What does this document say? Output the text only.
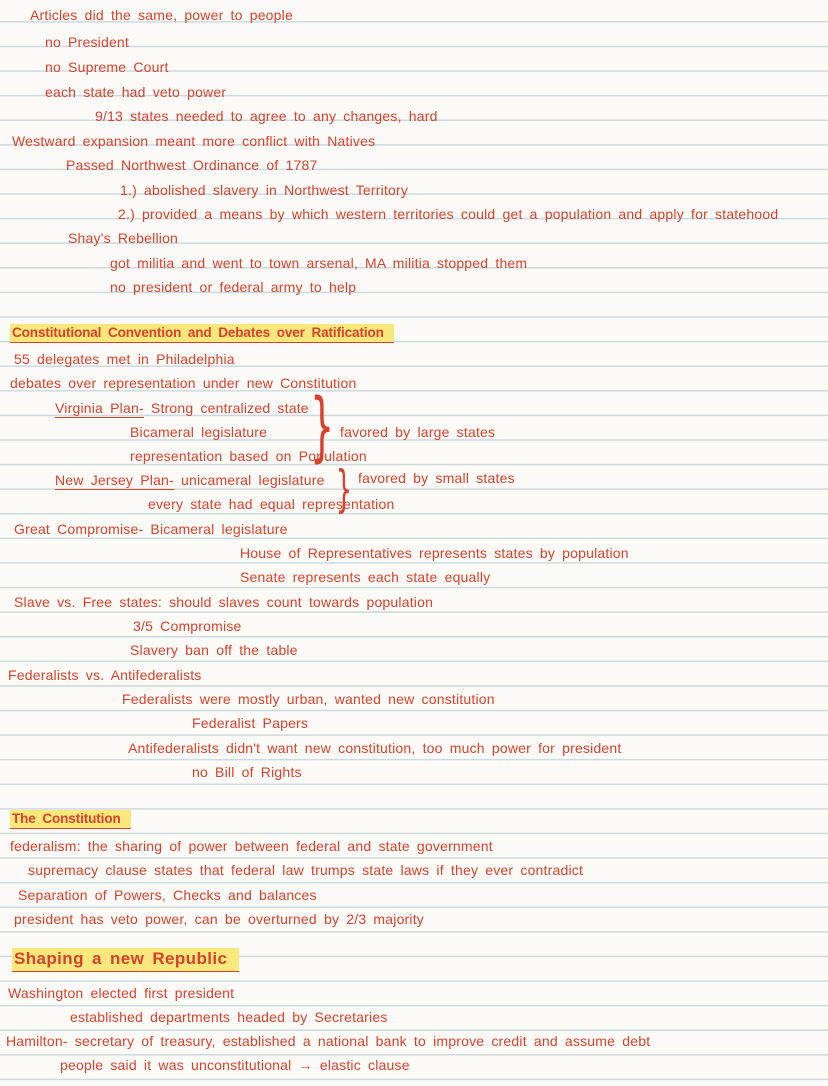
Articles did the same, power to people
no President
no Supreme Court
each state had veto power
9/13 states needed to agree to any changes, hard
Westward expansion meant more conflict with Natives
Passed Northwest Ordinance of 1787
1.) abolished slavery in Northwest Territory
2.) provided a means by which western territories could get a population and apply for statehood
Shay's Rebellion
got militia and went to town arsenal, MA militia stopped them
no president or federal army to help
Constitutional Convention and Debates over Ratification
55 delegates met in Philadelphia
debates over representation under new Constitution
Virginia Plan- Strong centralized state
Bicameral legislature
representation based on Population
New Jersey Plan- unicameral legislature
every state had equal representation
Great Compromise- Bicameral legislature
House of Representatives represents states by population
Senate represents each state equally
Slave vs. Free states: should slaves count towards population
3/5 Compromise
Slavery ban off the table
Federalists vs. Antifederalists
Federalists were mostly urban, wanted new constitution
Federalist Papers
Antifederalists didn't want new constitution, too much power for president
no Bill of Rights
}
}
favored by large states
favored by small states
The Constitution
federalism: the sharing of power between federal and state government
supremacy clause states that federal law trumps state laws if they ever contradict
Separation of Powers, Checks and balances
president has veto power, can be overturned by 2/3 majority
Shaping a new Republic
Washington elected first president
established departments headed by Secretaries
Hamilton- secretary of treasury, established a national bank to improve credit and assume debt
people said it was unconstitutional → elastic clause
